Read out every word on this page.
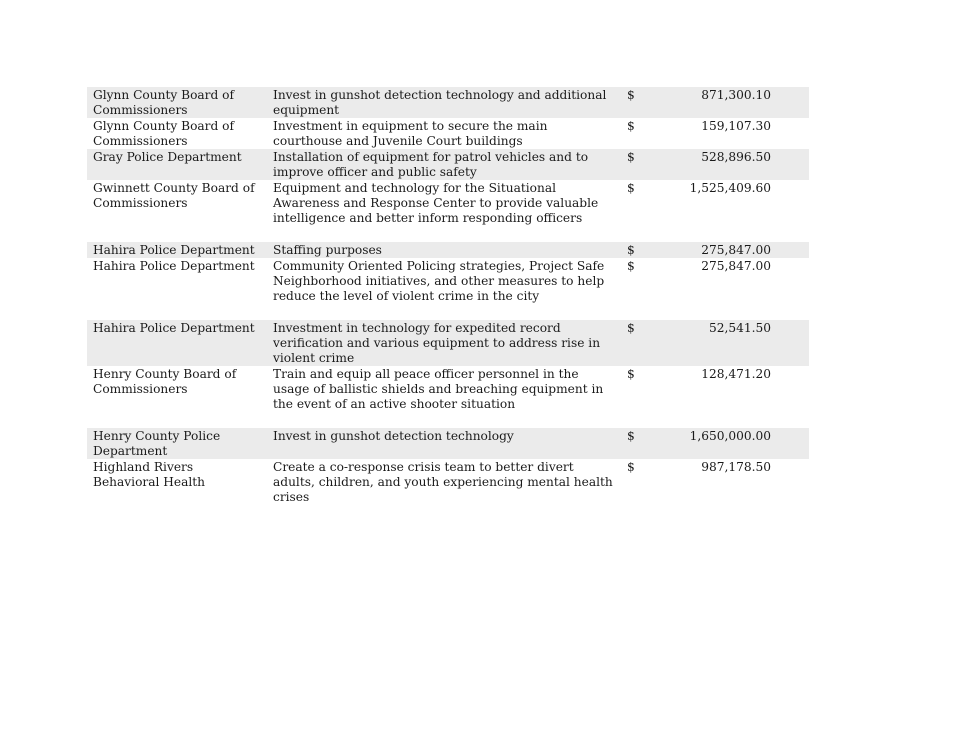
Glynn County Board of Commissioners	Invest in gunshot detection technology and additional equipment	$	871,300.10
Glynn County Board of Commissioners	Investment in equipment to secure the main courthouse and Juvenile Court buildings	$	159,107.30
Gray Police Department	Installation of equipment for patrol vehicles and to improve officer and public safety	$	528,896.50
Gwinnett County Board of Commissioners	Equipment and technology for the Situational Awareness and Response Center to provide valuable intelligence and better inform responding officers	$	1,525,409.60
Hahira Police Department	Staffing purposes	$	275,847.00
Hahira Police Department	Community Oriented Policing strategies, Project Safe Neighborhood initiatives, and other measures to help reduce the level of violent crime in the city	$	275,847.00
Hahira Police Department	Investment in technology for expedited record verification and various equipment to address rise in violent crime	$	52,541.50
Henry County Board of Commissioners	Train and equip all peace officer personnel in the usage of ballistic shields and breaching equipment in the event of an active shooter situation	$	128,471.20
Henry County Police Department	Invest in gunshot detection technology	$	1,650,000.00
Highland Rivers Behavioral Health	Create a co-response crisis team to better divert adults, children, and youth experiencing mental health crises	$	987,178.50
